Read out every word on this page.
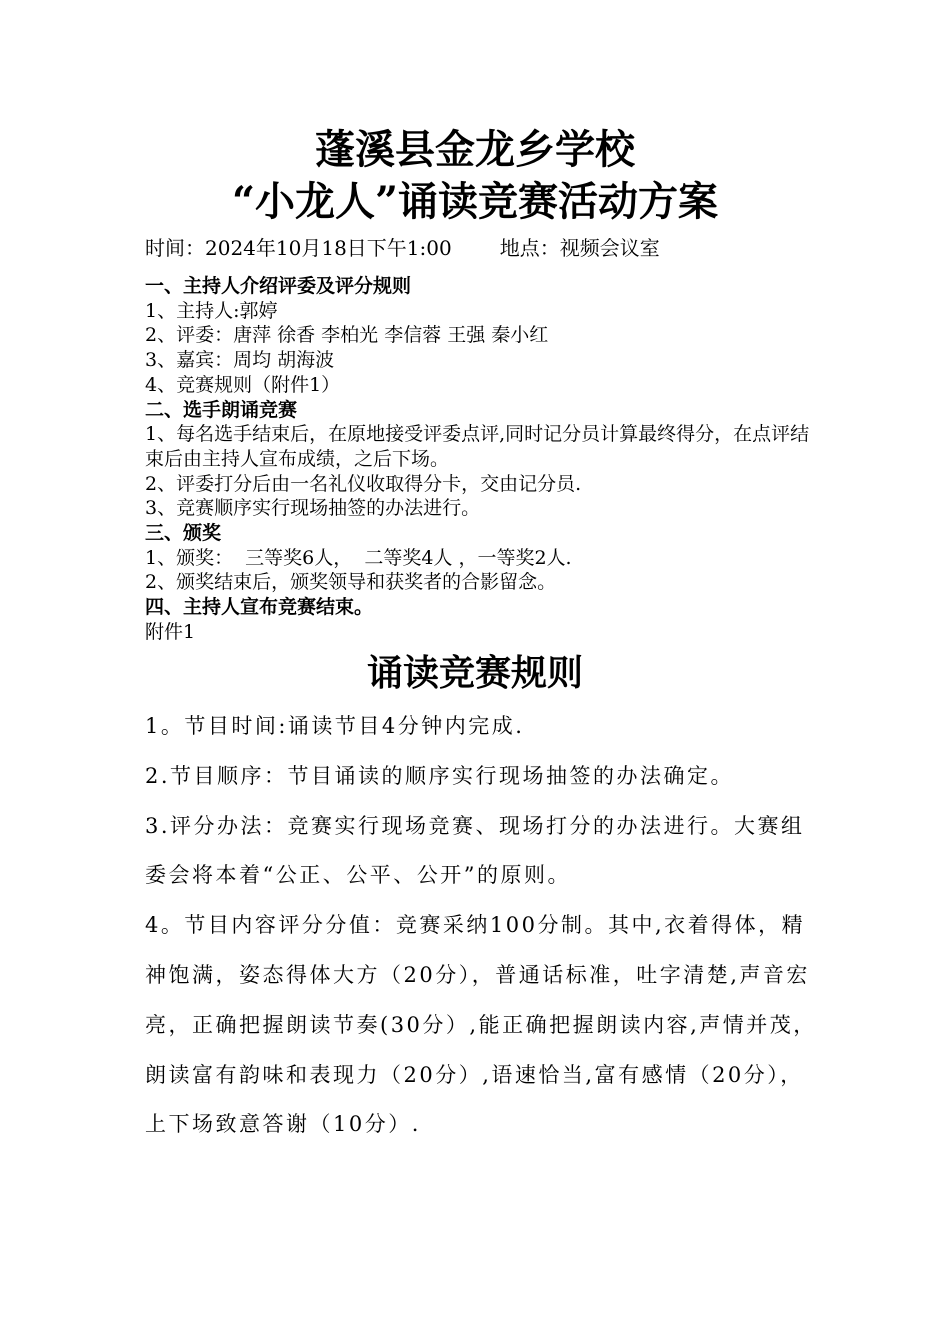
蓬溪县金龙乡学校
“小龙人”诵读竞赛活动方案
时间：2024年10月18日下午1:00 地点：视频会议室

一、主持人介绍评委及评分规则

1、主持人:郭婷

2、评委：唐萍 徐香 李柏光 李信蓉 王强 秦小红

3、嘉宾：周均 胡海波

4、竞赛规则（附件1）

二、选手朗诵竞赛

1、每名选手结束后，在原地接受评委点评,同时记分员计算最终得分，在点评结束后由主持人宣布成绩，之后下场。

2、评委打分后由一名礼仪收取得分卡，交由记分员.

3、竞赛顺序实行现场抽签的办法进行。

三、颁奖

1、颁奖：  三等奖6人，  二等奖4人 ，一等奖2人.

2、颁奖结束后，颁奖领导和获奖者的合影留念。

四、主持人宣布竞赛结束。

附件1

诵读竞赛规则

1。节目时间:诵读节目4分钟内完成.

2.节目顺序：节目诵读的顺序实行现场抽签的办法确定。

3.评分办法：竞赛实行现场竞赛、现场打分的办法进行。大赛组委会将本着“公正、公平、公开”的原则。

4。节目内容评分分值：竞赛采纳100分制。其中,衣着得体，精神饱满，姿态得体大方（20分），普通话标准，吐字清楚,声音宏亮，正确把握朗读节奏(30分）,能正确把握朗读内容,声情并茂，朗读富有韵味和表现力（20分）,语速恰当,富有感情（20分），上下场致意答谢（10分）.
